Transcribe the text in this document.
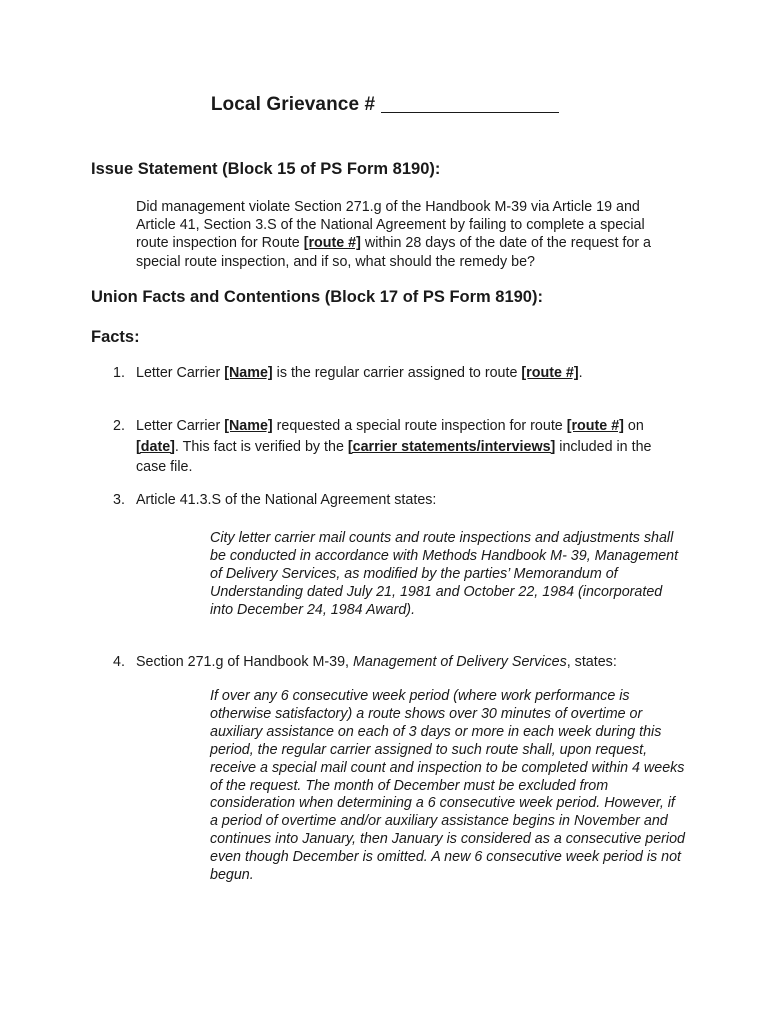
Local Grievance #
Issue Statement (Block 15 of PS Form 8190):
Did management violate Section 271.g of the Handbook M-39 via Article 19 and Article 41, Section 3.S of the National Agreement by failing to complete a special route inspection for Route [route #] within 28 days of the date of the request for a special route inspection, and if so, what should the remedy be?
Union Facts and Contentions (Block 17 of PS Form 8190):
Facts:
1. Letter Carrier [Name] is the regular carrier assigned to route [route #].
2. Letter Carrier [Name] requested a special route inspection for route [route #] on [date]. This fact is verified by the [carrier statements/interviews] included in the case file.
3. Article 41.3.S of the National Agreement states:
City letter carrier mail counts and route inspections and adjustments shall be conducted in accordance with Methods Handbook M- 39, Management of Delivery Services, as modified by the parties’ Memorandum of Understanding dated July 21, 1981 and October 22, 1984 (incorporated into December 24, 1984 Award).
4. Section 271.g of Handbook M-39, Management of Delivery Services, states:
If over any 6 consecutive week period (where work performance is otherwise satisfactory) a route shows over 30 minutes of overtime or auxiliary assistance on each of 3 days or more in each week during this period, the regular carrier assigned to such route shall, upon request, receive a special mail count and inspection to be completed within 4 weeks of the request. The month of December must be excluded from consideration when determining a 6 consecutive week period. However, if a period of overtime and/or auxiliary assistance begins in November and continues into January, then January is considered as a consecutive period even though December is omitted. A new 6 consecutive week period is not begun.
